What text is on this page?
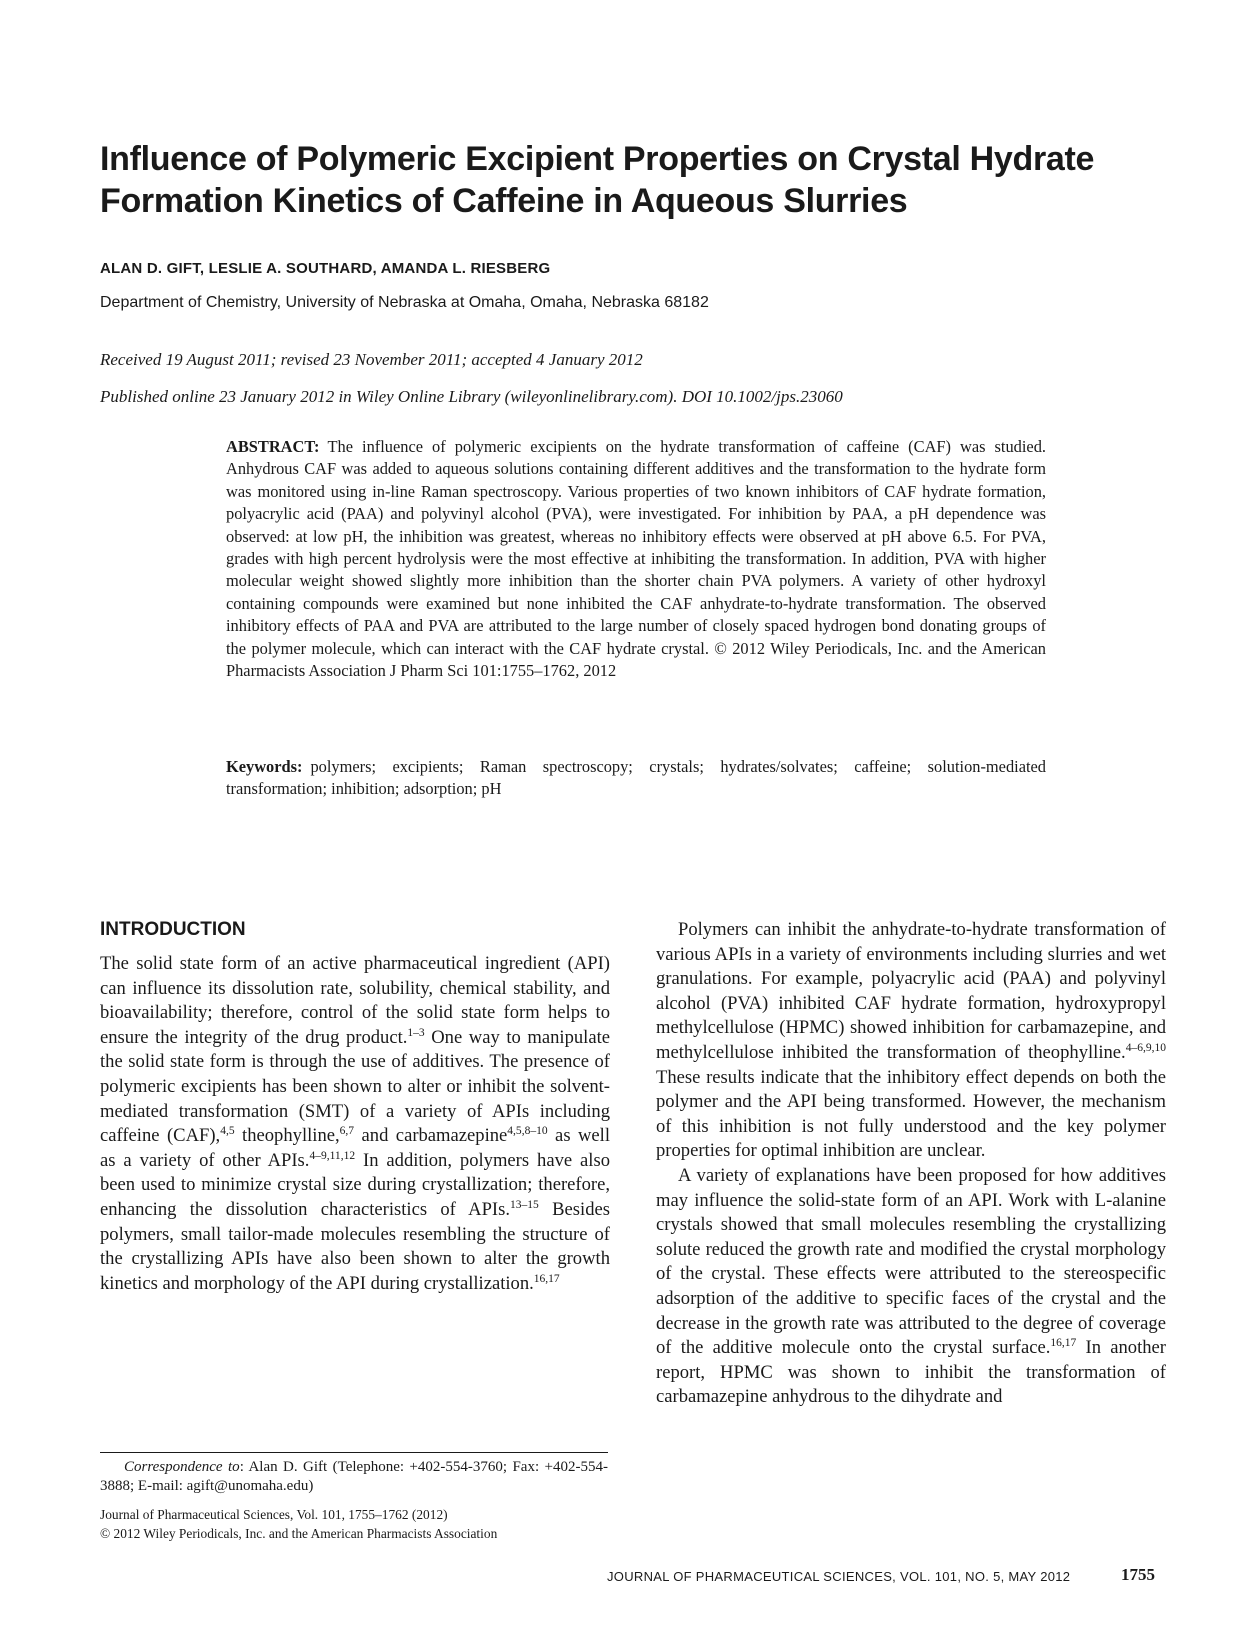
Influence of Polymeric Excipient Properties on Crystal Hydrate Formation Kinetics of Caffeine in Aqueous Slurries
ALAN D. GIFT, LESLIE A. SOUTHARD, AMANDA L. RIESBERG
Department of Chemistry, University of Nebraska at Omaha, Omaha, Nebraska 68182
Received 19 August 2011; revised 23 November 2011; accepted 4 January 2012
Published online 23 January 2012 in Wiley Online Library (wileyonlinelibrary.com). DOI 10.1002/jps.23060
ABSTRACT: The influence of polymeric excipients on the hydrate transformation of caffeine (CAF) was studied. Anhydrous CAF was added to aqueous solutions containing different additives and the transformation to the hydrate form was monitored using in-line Raman spectroscopy. Various properties of two known inhibitors of CAF hydrate formation, polyacrylic acid (PAA) and polyvinyl alcohol (PVA), were investigated. For inhibition by PAA, a pH dependence was observed: at low pH, the inhibition was greatest, whereas no inhibitory effects were observed at pH above 6.5. For PVA, grades with high percent hydrolysis were the most effective at inhibiting the transformation. In addition, PVA with higher molecular weight showed slightly more inhibition than the shorter chain PVA polymers. A variety of other hydroxyl containing compounds were examined but none inhibited the CAF anhydrate-to-hydrate transformation. The observed inhibitory effects of PAA and PVA are attributed to the large number of closely spaced hydrogen bond donating groups of the polymer molecule, which can interact with the CAF hydrate crystal. © 2012 Wiley Periodicals, Inc. and the American Pharmacists Association J Pharm Sci 101:1755–1762, 2012
Keywords: polymers; excipients; Raman spectroscopy; crystals; hydrates/solvates; caffeine; solution-mediated transformation; inhibition; adsorption; pH
INTRODUCTION

The solid state form of an active pharmaceutical ingredient (API) can influence its dissolution rate, solubility, chemical stability, and bioavailability; therefore, control of the solid state form helps to ensure the integrity of the drug product.$^{1-3}$ One way to manipulate the solid state form is through the use of additives. The presence of polymeric excipients has been shown to alter or inhibit the solvent-mediated transformation (SMT) of a variety of APIs including caffeine (CAF),$^{4,5}$ theophylline,$^{6,7}$ and carbamazepine$^{4,5,8-10}$ as well as a variety of other APIs.$^{4-9,11,12}$ In addition, polymers have also been used to minimize crystal size during crystallization; therefore, enhancing the dissolution characteristics of APIs.$^{13-15}$ Besides polymers, small tailor-made molecules resembling the structure of the crystallizing APIs have also been shown to alter the growth kinetics and morphology of the API during crystallization.$^{16,17}$

Polymers can inhibit the anhydrate-to-hydrate transformation of various APIs in a variety of environments including slurries and wet granulations. For example, polyacrylic acid (PAA) and polyvinyl alcohol (PVA) inhibited CAF hydrate formation, hydroxypropyl methylcellulose (HPMC) showed inhibition for carbamazepine, and methylcellulose inhibited the transformation of theophylline.$^{4-6,9,10}$ These results indicate that the inhibitory effect depends on both the polymer and the API being transformed. However, the mechanism of this inhibition is not fully understood and the key polymer properties for optimal inhibition are unclear.

A variety of explanations have been proposed for how additives may influence the solid-state form of an API. Work with L-alanine crystals showed that small molecules resembling the crystallizing solute reduced the growth rate and modified the crystal morphology of the crystal. These effects were attributed to the stereospecific adsorption of the additive to specific faces of the crystal and the decrease in the growth rate was attributed to the degree of coverage of the additive molecule onto the crystal surface.$^{16,17}$ In another report, HPMC was shown to inhibit the transformation of carbamazepine anhydrous to the dihydrate and

Correspondence to: Alan D. Gift (Telephone: +402-554-3760; Fax: +402-554-3888; E-mail: agift@unomaha.edu)
Journal of Pharmaceutical Sciences, Vol. 101, 1755–1762 (2012)
© 2012 Wiley Periodicals, Inc. and the American Pharmacists Association
JOURNAL OF PHARMACEUTICAL SCIENCES, VOL. 101, NO. 5, MAY 2012	1755
